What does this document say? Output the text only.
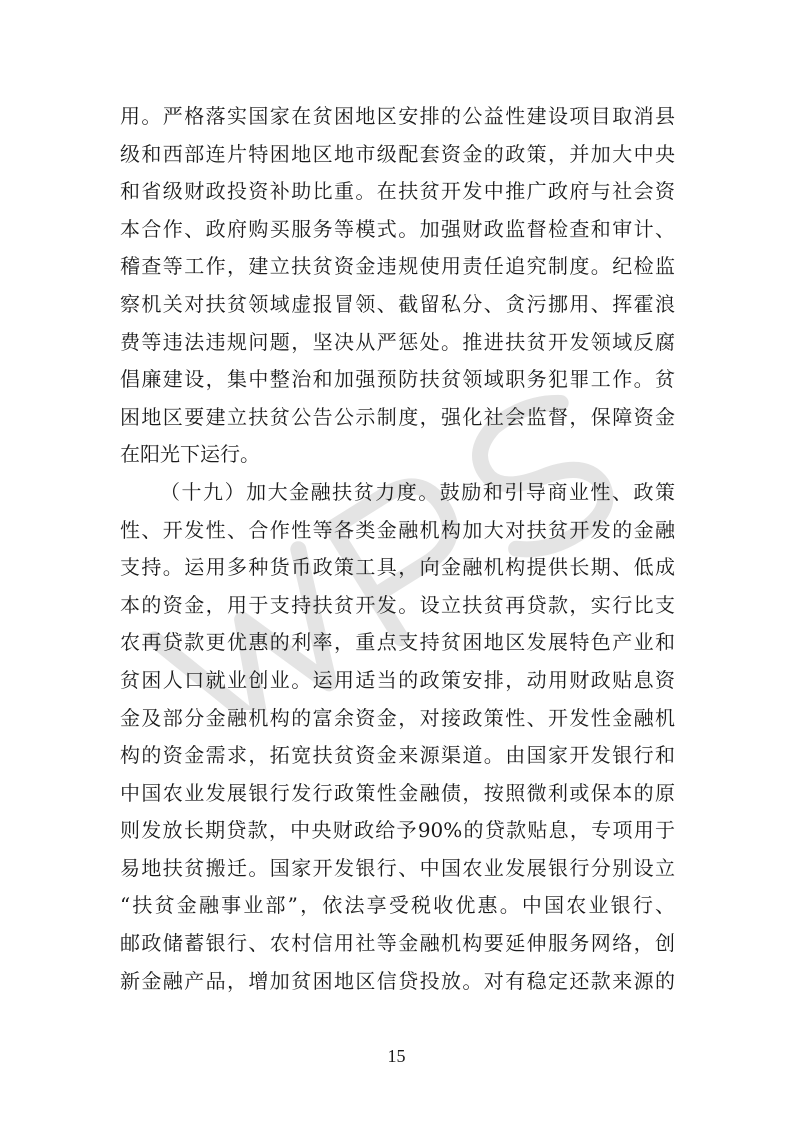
用。严格落实国家在贫困地区安排的公益性建设项目取消县
级和西部连片特困地区地市级配套资金的政策，并加大中央
和省级财政投资补助比重。在扶贫开发中推广政府与社会资
本合作、政府购买服务等模式。加强财政监督检查和审计、
稽查等工作，建立扶贫资金违规使用责任追究制度。纪检监
察机关对扶贫领域虚报冒领、截留私分、贪污挪用、挥霍浪
费等违法违规问题，坚决从严惩处。推进扶贫开发领域反腐
倡廉建设，集中整治和加强预防扶贫领域职务犯罪工作。贫
困地区要建立扶贫公告公示制度，强化社会监督，保障资金
在阳光下运行。
（十九）加大金融扶贫力度。鼓励和引导商业性、政策
性、开发性、合作性等各类金融机构加大对扶贫开发的金融
支持。运用多种货币政策工具，向金融机构提供长期、低成
本的资金，用于支持扶贫开发。设立扶贫再贷款，实行比支
农再贷款更优惠的利率，重点支持贫困地区发展特色产业和
贫困人口就业创业。运用适当的政策安排，动用财政贴息资
金及部分金融机构的富余资金，对接政策性、开发性金融机
构的资金需求，拓宽扶贫资金来源渠道。由国家开发银行和
中国农业发展银行发行政策性金融债，按照微利或保本的原
则发放长期贷款，中央财政给予90%的贷款贴息，专项用于
易地扶贫搬迁。国家开发银行、中国农业发展银行分别设立
“扶贫金融事业部”，依法享受税收优惠。中国农业银行、
邮政储蓄银行、农村信用社等金融机构要延伸服务网络，创
新金融产品，增加贫困地区信贷投放。对有稳定还款来源的
15
